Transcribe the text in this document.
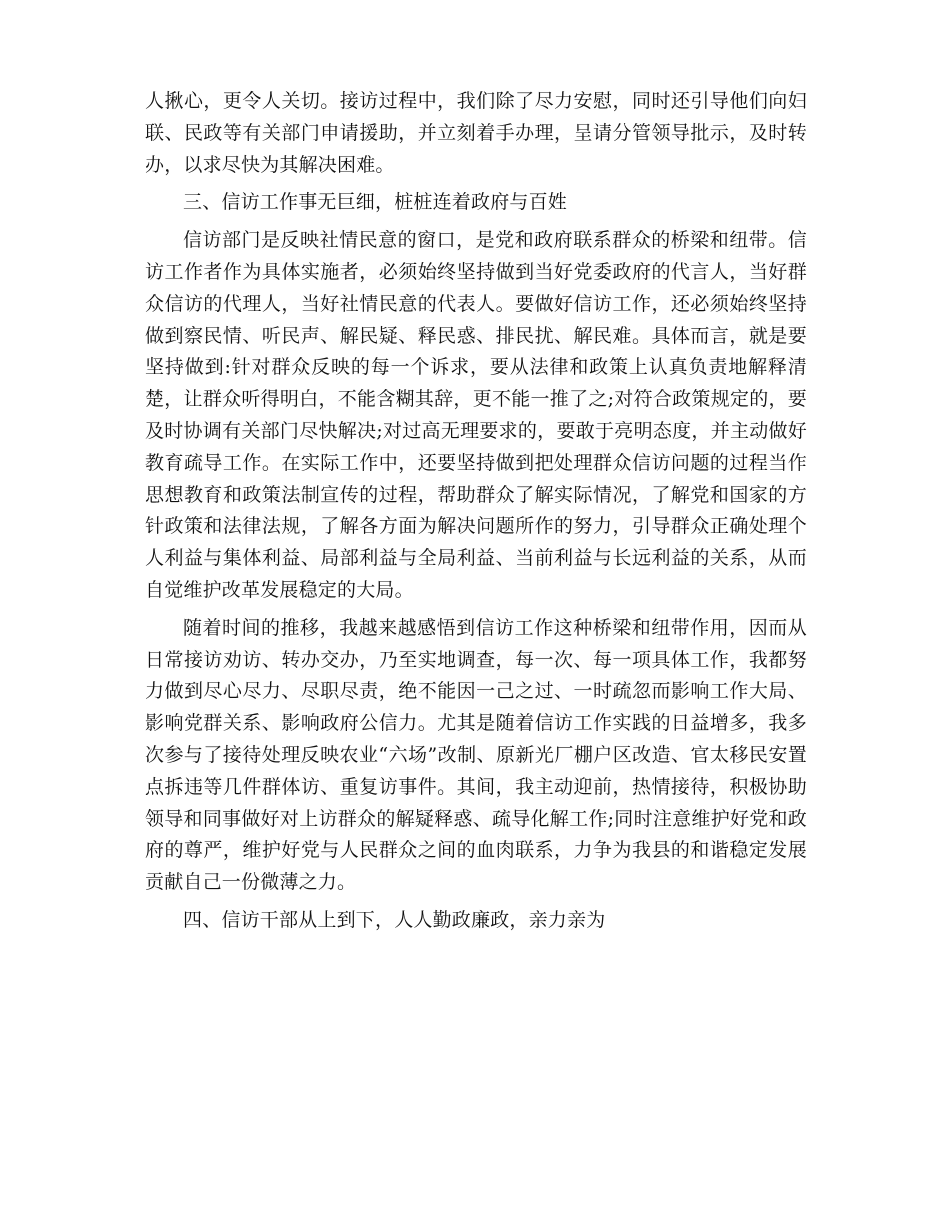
人揪心，更令人关切。接访过程中，我们除了尽力安慰，同时还引导他们向妇联、民政等有关部门申请援助，并立刻着手办理，呈请分管领导批示，及时转办，以求尽快为其解决困难。

三、信访工作事无巨细，桩桩连着政府与百姓

信访部门是反映社情民意的窗口，是党和政府联系群众的桥梁和纽带。信访工作者作为具体实施者，必须始终坚持做到当好党委政府的代言人，当好群众信访的代理人，当好社情民意的代表人。要做好信访工作，还必须始终坚持做到察民情、听民声、解民疑、释民惑、排民扰、解民难。具体而言，就是要坚持做到:针对群众反映的每一个诉求，要从法律和政策上认真负责地解释清楚，让群众听得明白，不能含糊其辞，更不能一推了之;对符合政策规定的，要及时协调有关部门尽快解决;对过高无理要求的，要敢于亮明态度，并主动做好教育疏导工作。在实际工作中，还要坚持做到把处理群众信访问题的过程当作思想教育和政策法制宣传的过程，帮助群众了解实际情况，了解党和国家的方针政策和法律法规，了解各方面为解决问题所作的努力，引导群众正确处理个人利益与集体利益、局部利益与全局利益、当前利益与长远利益的关系，从而自觉维护改革发展稳定的大局。

随着时间的推移，我越来越感悟到信访工作这种桥梁和纽带作用，因而从日常接访劝访、转办交办，乃至实地调查，每一次、每一项具体工作，我都努力做到尽心尽力、尽职尽责，绝不能因一己之过、一时疏忽而影响工作大局、影响党群关系、影响政府公信力。尤其是随着信访工作实践的日益增多，我多次参与了接待处理反映农业“六场”改制、原新光厂棚户区改造、官太移民安置点拆违等几件群体访、重复访事件。其间，我主动迎前，热情接待，积极协助领导和同事做好对上访群众的解疑释惑、疏导化解工作;同时注意维护好党和政府的尊严，维护好党与人民群众之间的血肉联系，力争为我县的和谐稳定发展贡献自己一份微薄之力。

四、信访干部从上到下，人人勤政廉政，亲力亲为
